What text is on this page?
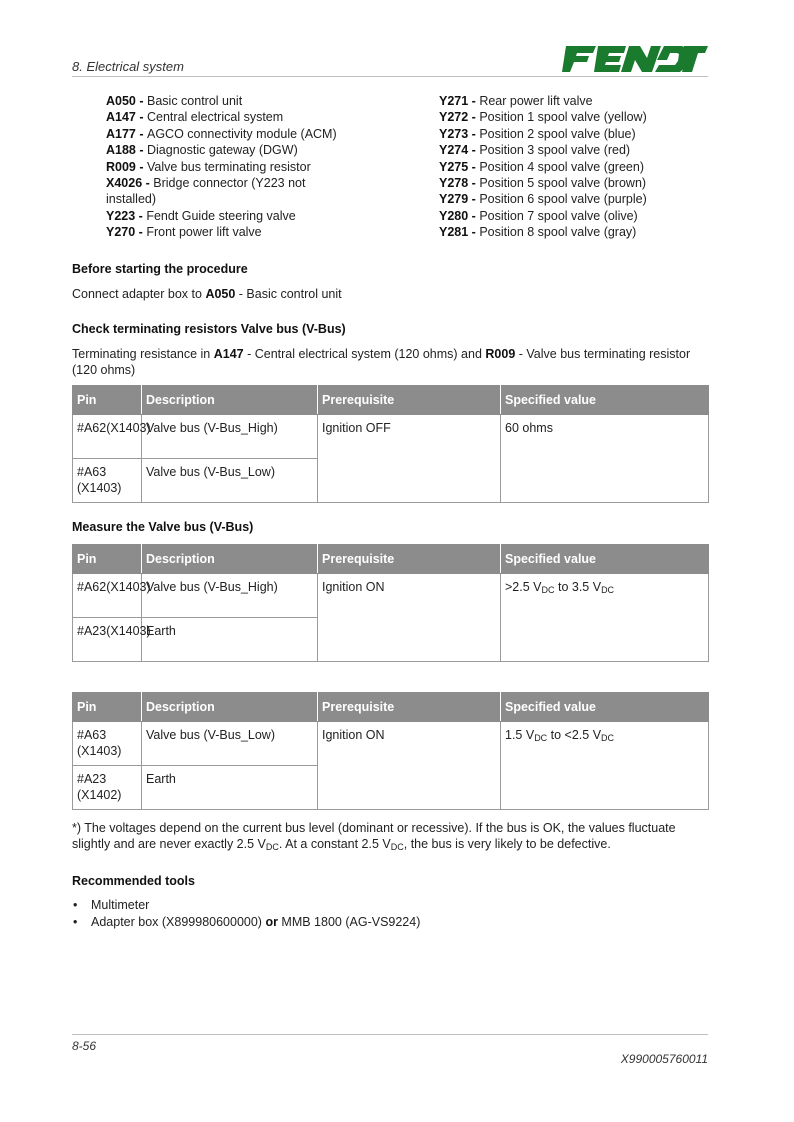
8. Electrical system
A050 - Basic control unit
A147 - Central electrical system
A177 - AGCO connectivity module (ACM)
A188 - Diagnostic gateway (DGW)
R009 - Valve bus terminating resistor
X4026 - Bridge connector (Y223 not installed)
Y223 - Fendt Guide steering valve
Y270 - Front power lift valve
Y271 - Rear power lift valve
Y272 - Position 1 spool valve (yellow)
Y273 - Position 2 spool valve (blue)
Y274 - Position 3 spool valve (red)
Y275 - Position 4 spool valve (green)
Y278 - Position 5 spool valve (brown)
Y279 - Position 6 spool valve (purple)
Y280 - Position 7 spool valve (olive)
Y281 - Position 8 spool valve (gray)
Before starting the procedure
Connect adapter box to A050 - Basic control unit
Check terminating resistors Valve bus (V-Bus)
Terminating resistance in A147 - Central electrical system (120 ohms) and R009 - Valve bus terminating resistor (120 ohms)
Pin	Description	Prerequisite	Specified value
#A62(X1403)	Valve bus (V-Bus_High)	Ignition OFF	60 ohms
#A63 (X1403)	Valve bus (V-Bus_Low)		
Measure the Valve bus (V-Bus)
Pin	Description	Prerequisite	Specified value
#A62(X1403)	Valve bus (V-Bus_High)	Ignition ON	>2.5 $V_{DC}$ to 3.5 $V_{DC}$
#A23(X1403)	Earth		
Pin	Description	Prerequisite	Specified value
#A63 (X1403)	Valve bus (V-Bus_Low)	Ignition ON	1.5 $V_{DC}$ to <2.5 $V_{DC}$
#A23 (X1402)	Earth		
*) The voltages depend on the current bus level (dominant or recessive). If the bus is OK, the values fluctuate slightly and are never exactly 2.5 $V_{DC}$. At a constant 2.5 $V_{DC}$, the bus is very likely to be defective.
Recommended tools
• Multimeter
• Adapter box (X899980600000) or MMB 1800 (AG-VS9224)
8-56
X990005760011
